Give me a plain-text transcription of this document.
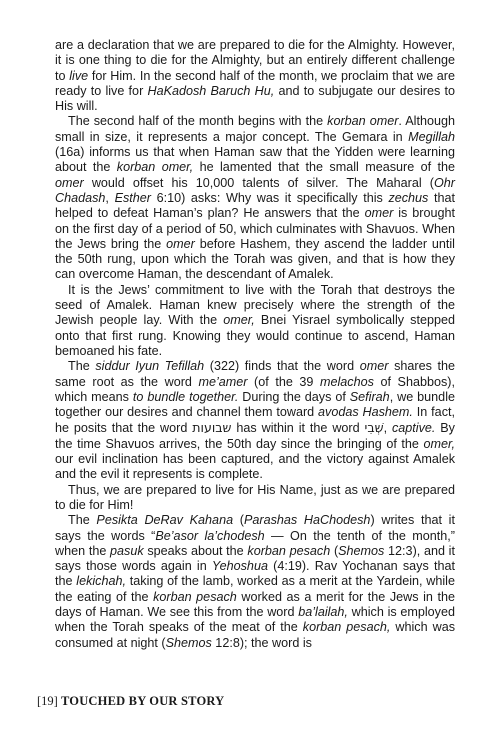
are a declaration that we are prepared to die for the Almighty. However, it is one thing to die for the Almighty, but an entirely different challenge to live for Him. In the second half of the month, we proclaim that we are ready to live for HaKadosh Baruch Hu, and to subjugate our desires to His will.

The second half of the month begins with the korban omer. Although small in size, it represents a major concept. The Gemara in Megillah (16a) informs us that when Haman saw that the Yidden were learning about the korban omer, he lamented that the small measure of the omer would offset his 10,000 talents of silver. The Maharal (Ohr Chadash, Esther 6:10) asks: Why was it specifically this zechus that helped to defeat Haman’s plan? He answers that the omer is brought on the first day of a period of 50, which culminates with Shavuos. When the Jews bring the omer before Hashem, they ascend the ladder until the 50th rung, upon which the Torah was given, and that is how they can overcome Haman, the descendant of Amalek.

It is the Jews’ commitment to live with the Torah that destroys the seed of Amalek. Haman knew precisely where the strength of the Jewish people lay. With the omer, Bnei Yisrael symbolically stepped onto that first rung. Knowing they would continue to ascend, Haman bemoaned his fate.

The siddur Iyun Tefillah (322) finds that the word omer shares the same root as the word me’amer (of the 39 melachos of Shabbos), which means to bundle together. During the days of Sefirah, we bundle together our desires and channel them toward avodas Hashem. In fact, he posits that the word שבועות has within it the word שְׁבִי, captive. By the time Shavuos arrives, the 50th day since the bringing of the omer, our evil inclination has been captured, and the victory against Amalek and the evil it represents is complete.

Thus, we are prepared to live for His Name, just as we are prepared to die for Him!

The Pesikta DeRav Kahana (Parashas HaChodesh) writes that it says the words “Be’asor la’chodesh — On the tenth of the month,” when the pasuk speaks about the korban pesach (Shemos 12:3), and it says those words again in Yehoshua (4:19). Rav Yochanan says that the lekichah, taking of the lamb, worked as a merit at the Yardein, while the eating of the korban pesach worked as a merit for the Jews in the days of Haman. We see this from the word ba’lailah, which is employed when the Torah speaks of the meat of the korban pesach, which was consumed at night (Shemos 12:8); the word is

[19] TOUCHED BY OUR STORY
